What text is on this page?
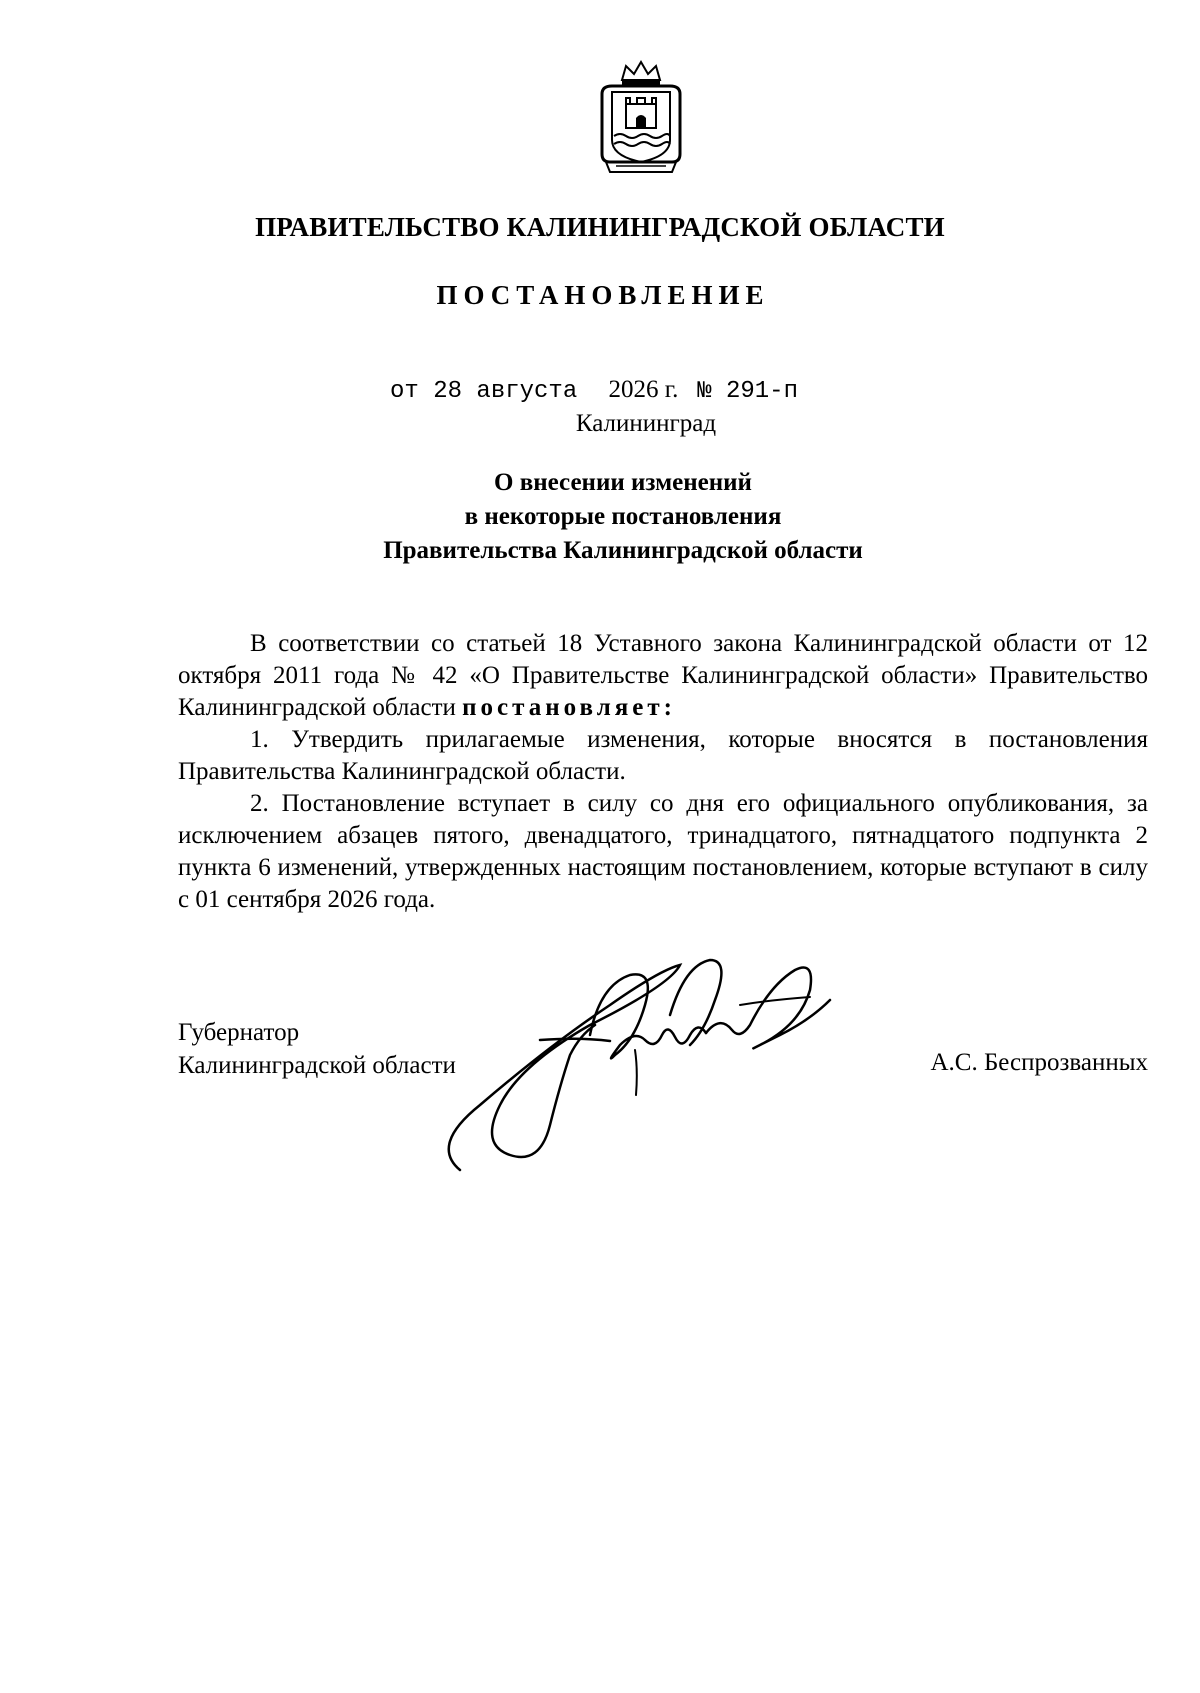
ПРАВИТЕЛЬСТВО КАЛИНИНГРАДСКОЙ ОБЛАСТИ
ПОСТАНОВЛЕНИЕ
от 28 августа 2026 г. № 291-п
Калининград
О внесении изменений
в некоторые постановления
Правительства Калининградской области

В соответствии со статьей 18 Уставного закона Калининградской области от 12 октября 2011 года № 42 «О Правительстве Калининградской области» Правительство Калининградской области постановляет:

1. Утвердить прилагаемые изменения, которые вносятся в постановления Правительства Калининградской области.

2. Постановление вступает в силу со дня его официального опубликования, за исключением абзацев пятого, двенадцатого, тринадцатого, пятнадцатого подпункта 2 пункта 6 изменений, утвержденных настоящим постановлением, которые вступают в силу с 01 сентября 2026 года.

Губернатор
Калининградской области	А.С. Беспрозванных
